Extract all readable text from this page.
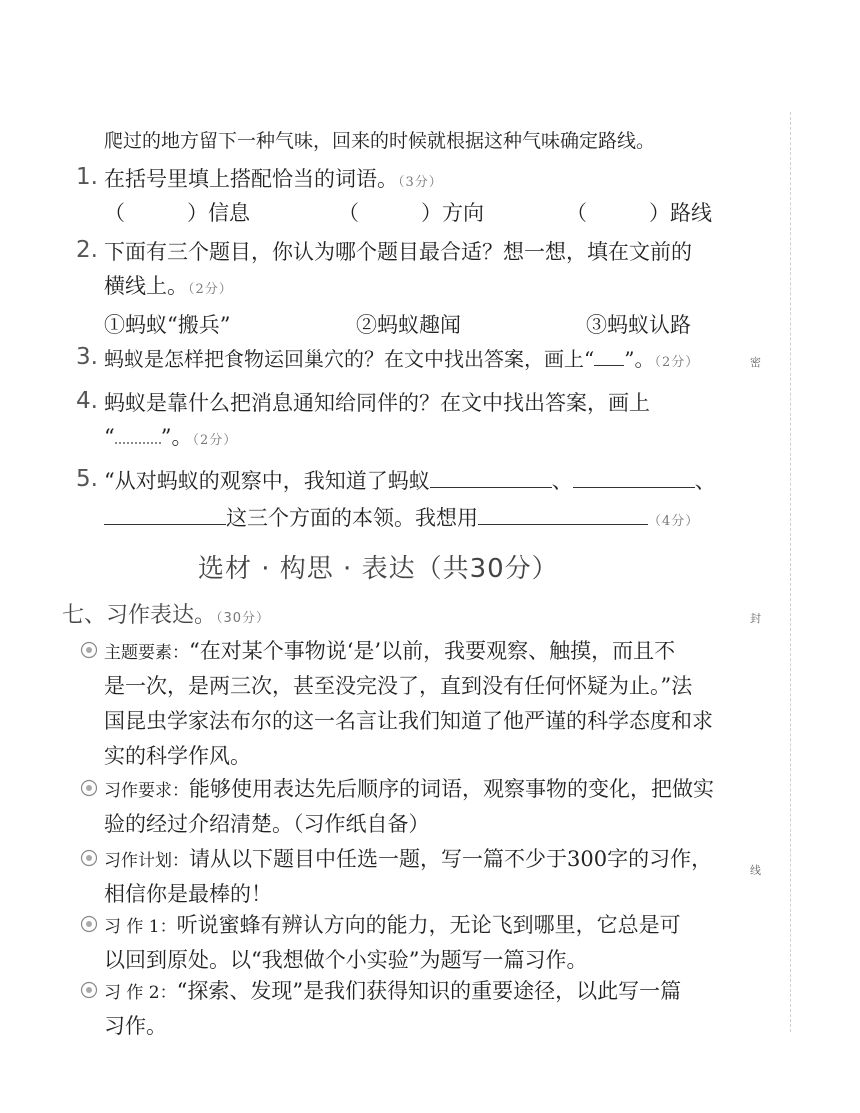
爬过的地方留下一种气味，回来的时候就根据这种气味确定路线。
1. 在括号里填上搭配恰当的词语。（3分）
（	）信息	（	）方向	（	）路线
2. 下面有三个题目，你认为哪个题目最合适？想一想，填在文前的
横线上。（2分）
①蚂蚁“搬兵”	②蚂蚁趣闻	③蚂蚁认路
3. 蚂蚁是怎样把食物运回巢穴的？在文中找出答案，画上“ ”。（2分）
4. 蚂蚁是靠什么把消息通知给同伴的？在文中找出答案，画上
“ ”。（2分）
5. “从对蚂蚁的观察中，我知道了蚂蚁	、	、
这三个方面的本领。我想用	（4分）
选材 · 构思 · 表达（共30分）
七、习作表达。（30分）
主题要素：“在对某个事物说‘是’以前，我要观察、触摸，而且不
是一次，是两三次，甚至没完没了，直到没有任何怀疑为止。”法
国昆虫学家法布尔的这一名言让我们知道了他严谨的科学态度和求
实的科学作风。
习作要求：能够使用表达先后顺序的词语，观察事物的变化，把做实
验的经过介绍清楚。（习作纸自备）
习作计划：请从以下题目中任选一题，写一篇不少于300字的习作，
相信你是最棒的！
习 作 1：听说蜜蜂有辨认方向的能力，无论飞到哪里，它总是可
以回到原处。以“我想做个小实验”为题写一篇习作。
习 作 2：“探索、发现”是我们获得知识的重要途径，以此写一篇
习作。
密
封
线
